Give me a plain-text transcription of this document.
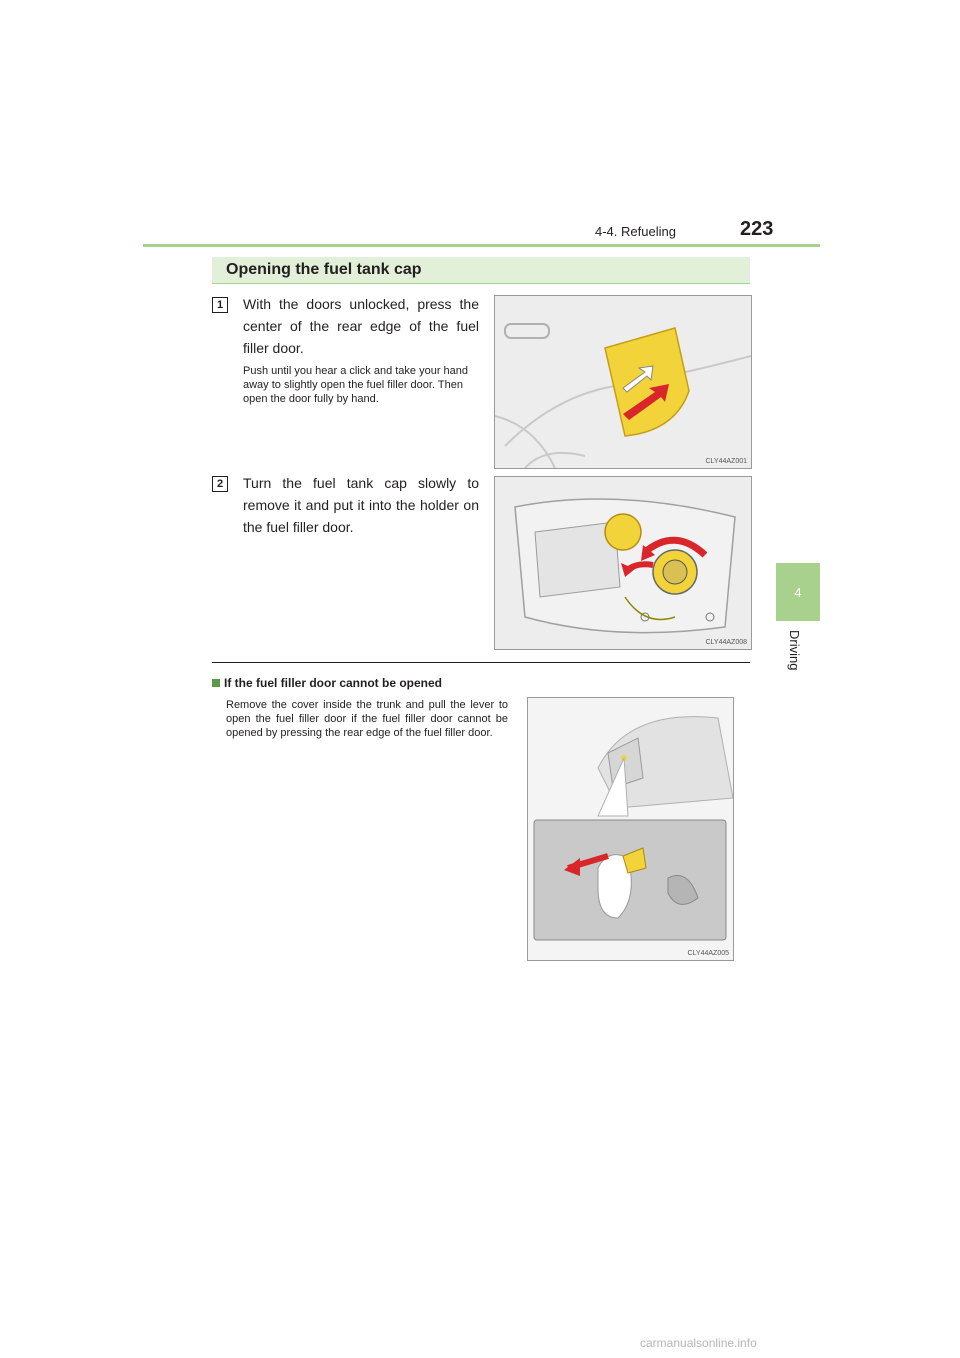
4-4. Refueling	223
4
Driving
Opening the fuel tank cap
1	With the doors unlocked, press the center of the rear edge of the fuel filler door.
Push until you hear a click and take your hand away to slightly open the fuel filler door. Then open the door fully by hand.
CLY44AZ001
2	Turn the fuel tank cap slowly to remove it and put it into the holder on the fuel filler door.
CLY44AZ008
If the fuel filler door cannot be opened
Remove the cover inside the trunk and pull the lever to open the fuel filler door if the fuel filler door cannot be opened by pressing the rear edge of the fuel filler door.
CLY44AZ005
carmanualsonline.info
